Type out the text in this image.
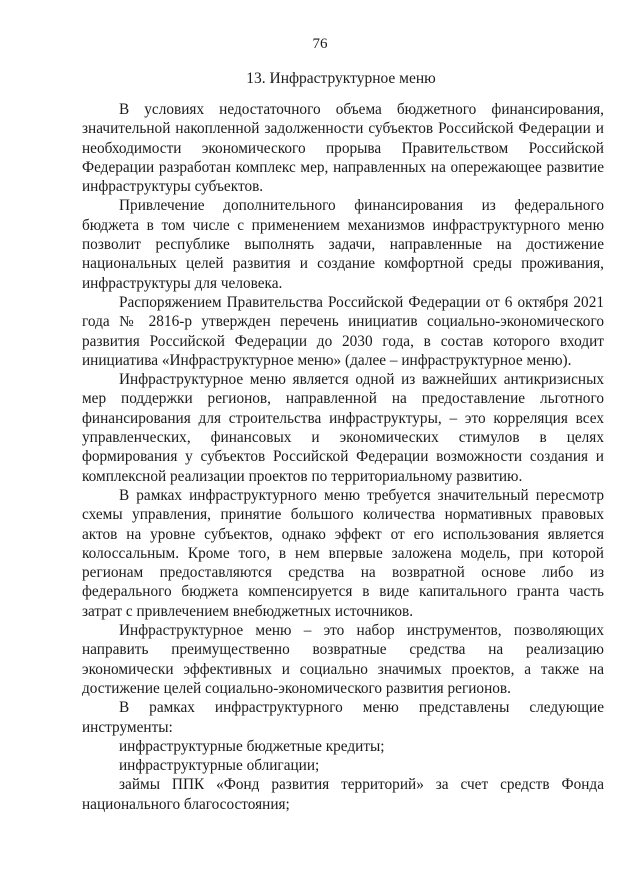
76
13. Инфраструктурное меню

В условиях недостаточного объема бюджетного финансирования, значительной накопленной задолженности субъектов Российской Федерации и необходимости экономического прорыва Правительством Российской Федерации разработан комплекс мер, направленных на опережающее развитие инфраструктуры субъектов.

Привлечение дополнительного финансирования из федерального бюджета в том числе с применением механизмов инфраструктурного меню позволит республике выполнять задачи, направленные на достижение национальных целей развития и создание комфортной среды проживания, инфраструктуры для человека.

Распоряжением Правительства Российской Федерации от 6 октября 2021 года № 2816-р утвержден перечень инициатив социально-экономического развития Российской Федерации до 2030 года, в состав которого входит инициатива «Инфраструктурное меню» (далее – инфраструктурное меню).

Инфраструктурное меню является одной из важнейших антикризисных мер поддержки регионов, направленной на предоставление льготного финансирования для строительства инфраструктуры, – это корреляция всех управленческих, финансовых и экономических стимулов в целях формирования у субъектов Российской Федерации возможности создания и комплексной реализации проектов по территориальному развитию.

В рамках инфраструктурного меню требуется значительный пересмотр схемы управления, принятие большого количества нормативных правовых актов на уровне субъектов, однако эффект от его использования является колоссальным. Кроме того, в нем впервые заложена модель, при которой регионам предоставляются средства на возвратной основе либо из федерального бюджета компенсируется в виде капитального гранта часть затрат с привлечением внебюджетных источников.

Инфраструктурное меню – это набор инструментов, позволяющих направить преимущественно возвратные средства на реализацию экономически эффективных и социально значимых проектов, а также на достижение целей социально-экономического развития регионов.

В рамках инфраструктурного меню представлены следующие инструменты:

инфраструктурные бюджетные кредиты;

инфраструктурные облигации;

займы ППК «Фонд развития территорий» за счет средств Фонда национального благосостояния;
